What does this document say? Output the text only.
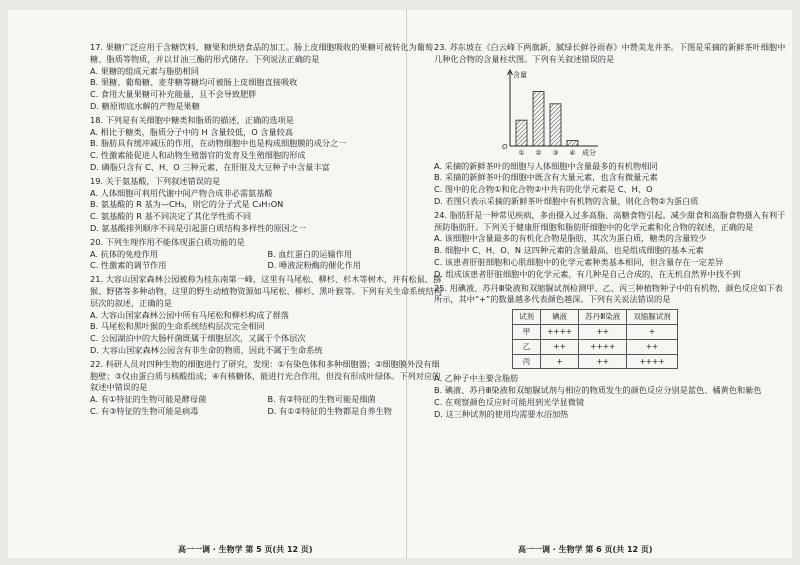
17. 果糖广泛应用于含糖饮料、糖果和烘焙食品的加工。肠上皮细胞吸收的果糖可被转化为葡萄糖、脂质等物质，并以甘油三酯的形式储存。下列说法正确的是
A. 果糖的组成元素与脂肪相同
B. 果糖、葡萄糖、麦芽糖等糖均可被肠上皮细胞直接吸收
C. 食用大量果糖可补充能量，且不会导致肥胖
D. 糖原彻底水解的产物是果糖
18. 下列是有关细胞中糖类和脂质的描述，正确的选项是
A. 相比于糖类，脂质分子中的 H 含量较低，O 含量较高
B. 脂肪具有缓冲减压的作用，在动物细胞中也是构成细胞膜的成分之一
C. 性激素能促进人和动物生殖器官的发育及生殖细胞的形成
D. 磷脂只含有 C、H、O 三种元素，在肝脏及大豆种子中含量丰富
19. 关于氨基酸，下列叙述错误的是
A. 人体细胞可利用代谢中间产物合成非必需氨基酸
B. 氨基酸的 R 基为—CH₃，则它的分子式是 C₃H₇ON
C. 氨基酸的 R 基不同决定了其化学性质不同
D. 氨基酸排列顺序不同是引起蛋白质结构多样性的原因之一
20. 下列生理作用不能体现蛋白质功能的是
A. 抗体的免疫作用	B. 血红蛋白的运输作用
C. 性激素的调节作用	D. 唾液淀粉酶的催化作用
21. 大容山国家森林公园被称为桂东南第一峰，这里有马尾松、柳杉、杉木等树木，并有松鼠、猕猴、野猪等多种动物，这里的野生动植物资源如马尾松、柳杉、黑叶猴等。下列有关生命系统结构层次的叙述，正确的是
A. 大容山国家森林公园中所有马尾松和柳杉构成了群落
B. 马尾松和黑叶猴的生命系统结构层次完全相同
C. 公园湖泊中的大肠杆菌既属于细胞层次，又属于个体层次
D. 大容山国家森林公园含有非生命的物质，因此不属于生命系统
22. 科研人员对四种生物的细胞进行了研究，发现：①有染色体和多种细胞器；②细胞膜外没有细胞壁；③仅由蛋白质与核酸组成；④有核糖体，能进行光合作用，但没有形成叶绿体。下列对应的叙述中错误的是
A. 有①特征的生物可能是酵母菌	B. 有②特征的生物可能是细菌
C. 有③特征的生物可能是病毒	D. 有①②特征的生物都是自养生物
23. 苏东坡在《白云峰下两旗新，腻绿长鲜谷雨春》中赞美龙井茶。下图是采摘的新鲜茶叶细胞中几种化合物的含量柱状图。下列有关叙述错误的是
含量
O
① ② ③ ④ 成分
A. 采摘的新鲜茶叶的细胞与人体细胞中含量最多的有机物相同
B. 采摘的新鲜茶叶的细胞中既含有大量元素，也含有微量元素
C. 图中的化合物①和化合物②中共有的化学元素是 C、H、O
D. 若图只表示采摘的新鲜茶叶细胞中有机物的含量，则化合物②为蛋白质
24. 脂肪肝是一种常见疾病，多由摄入过多高脂、高糖食物引起。减少甜食和高脂食物摄入有利于预防脂肪肝。下列关于健康肝细胞和脂肪肝细胞中的化学元素和化合物的叙述，正确的是
A. 该细胞中含量最多的有机化合物是脂肪，其次为蛋白质，糖类的含量较少
B. 细胞中 C、H、O、N 这四种元素的含量最高，也是组成细胞的基本元素
C. 该患者肝脏细胞和心肌细胞中的化学元素种类基本相同，但含量存在一定差异
D. 组成该患者肝脏细胞中的化学元素，有几种是自己合成的，在无机自然界中找不到
25. 用碘液、苏丹Ⅲ染液和双缩脲试剂检测甲、乙、丙三种植物种子中的有机物，颜色反应如下表所示，其中“+”的数量越多代表颜色越深。下列有关说法错误的是
试剂	碘液	苏丹Ⅲ染液	双缩脲试剂
甲	++++	++	+
乙	++	++++	++
丙	+	++	++++
A. 乙种子中主要含脂肪
B. 碘液、苏丹Ⅲ染液和双缩脲试剂与相应的物质发生的颜色反应分别是蓝色、橘黄色和紫色
C. 在观察颜色反应时可能用到光学显微镜
D. 这三种试剂的使用均需要水浴加热
高一一调 · 生物学 第 5 页(共 12 页)	高一一调 · 生物学 第 6 页(共 12 页)
